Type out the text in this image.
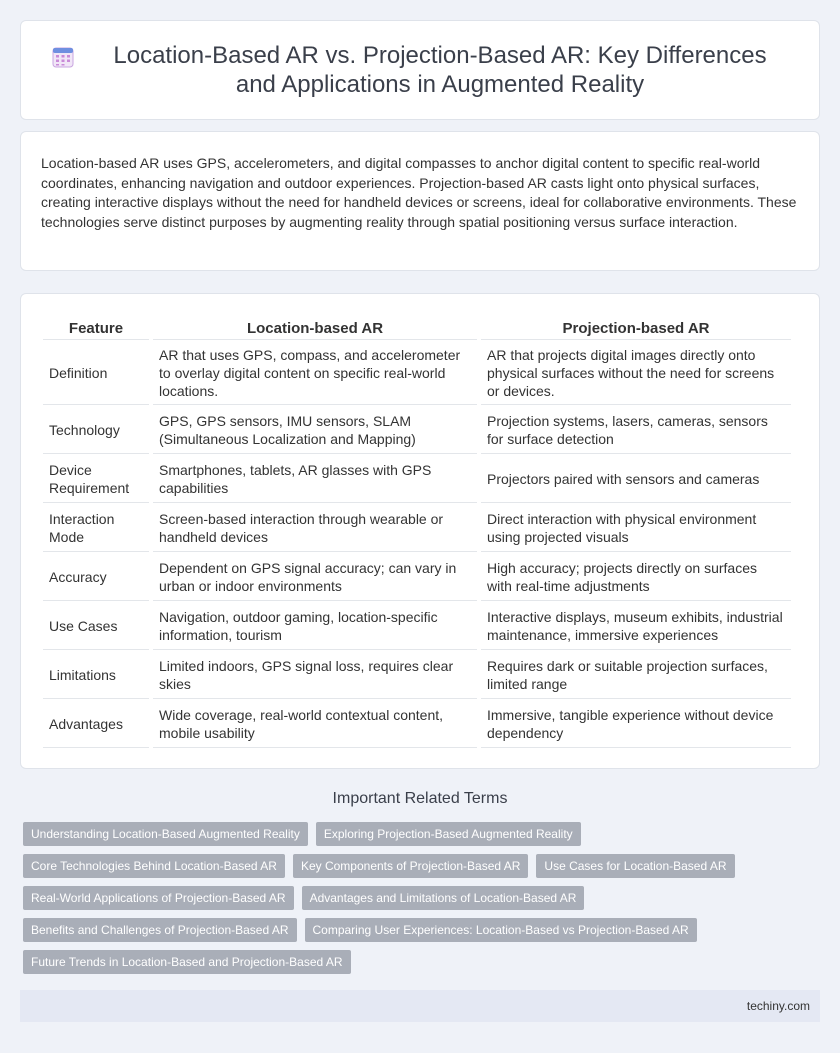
Location-Based AR vs. Projection-Based AR: Key Differences and Applications in Augmented Reality

Location-based AR uses GPS, accelerometers, and digital compasses to anchor digital content to specific real-world coordinates, enhancing navigation and outdoor experiences. Projection-based AR casts light onto physical surfaces, creating interactive displays without the need for handheld devices or screens, ideal for collaborative environments. These technologies serve distinct purposes by augmenting reality through spatial positioning versus surface interaction.

Feature	Location-based AR	Projection-based AR
Definition	AR that uses GPS, compass, and accelerometer to overlay digital content on specific real-world locations.	AR that projects digital images directly onto physical surfaces without the need for screens or devices.
Technology	GPS, GPS sensors, IMU sensors, SLAM (Simultaneous Localization and Mapping)	Projection systems, lasers, cameras, sensors for surface detection
Device Requirement	Smartphones, tablets, AR glasses with GPS capabilities	Projectors paired with sensors and cameras
Interaction Mode	Screen-based interaction through wearable or handheld devices	Direct interaction with physical environment using projected visuals
Accuracy	Dependent on GPS signal accuracy; can vary in urban or indoor environments	High accuracy; projects directly on surfaces with real-time adjustments
Use Cases	Navigation, outdoor gaming, location-specific information, tourism	Interactive displays, museum exhibits, industrial maintenance, immersive experiences
Limitations	Limited indoors, GPS signal loss, requires clear skies	Requires dark or suitable projection surfaces, limited range
Advantages	Wide coverage, real-world contextual content, mobile usability	Immersive, tangible experience without device dependency
Important Related Terms
Understanding Location-Based Augmented Reality	Exploring Projection-Based Augmented Reality
Core Technologies Behind Location-Based AR	Key Components of Projection-Based AR	Use Cases for Location-Based AR
Real-World Applications of Projection-Based AR	Advantages and Limitations of Location-Based AR
Benefits and Challenges of Projection-Based AR	Comparing User Experiences: Location-Based vs Projection-Based AR
Future Trends in Location-Based and Projection-Based AR
techiny.com
